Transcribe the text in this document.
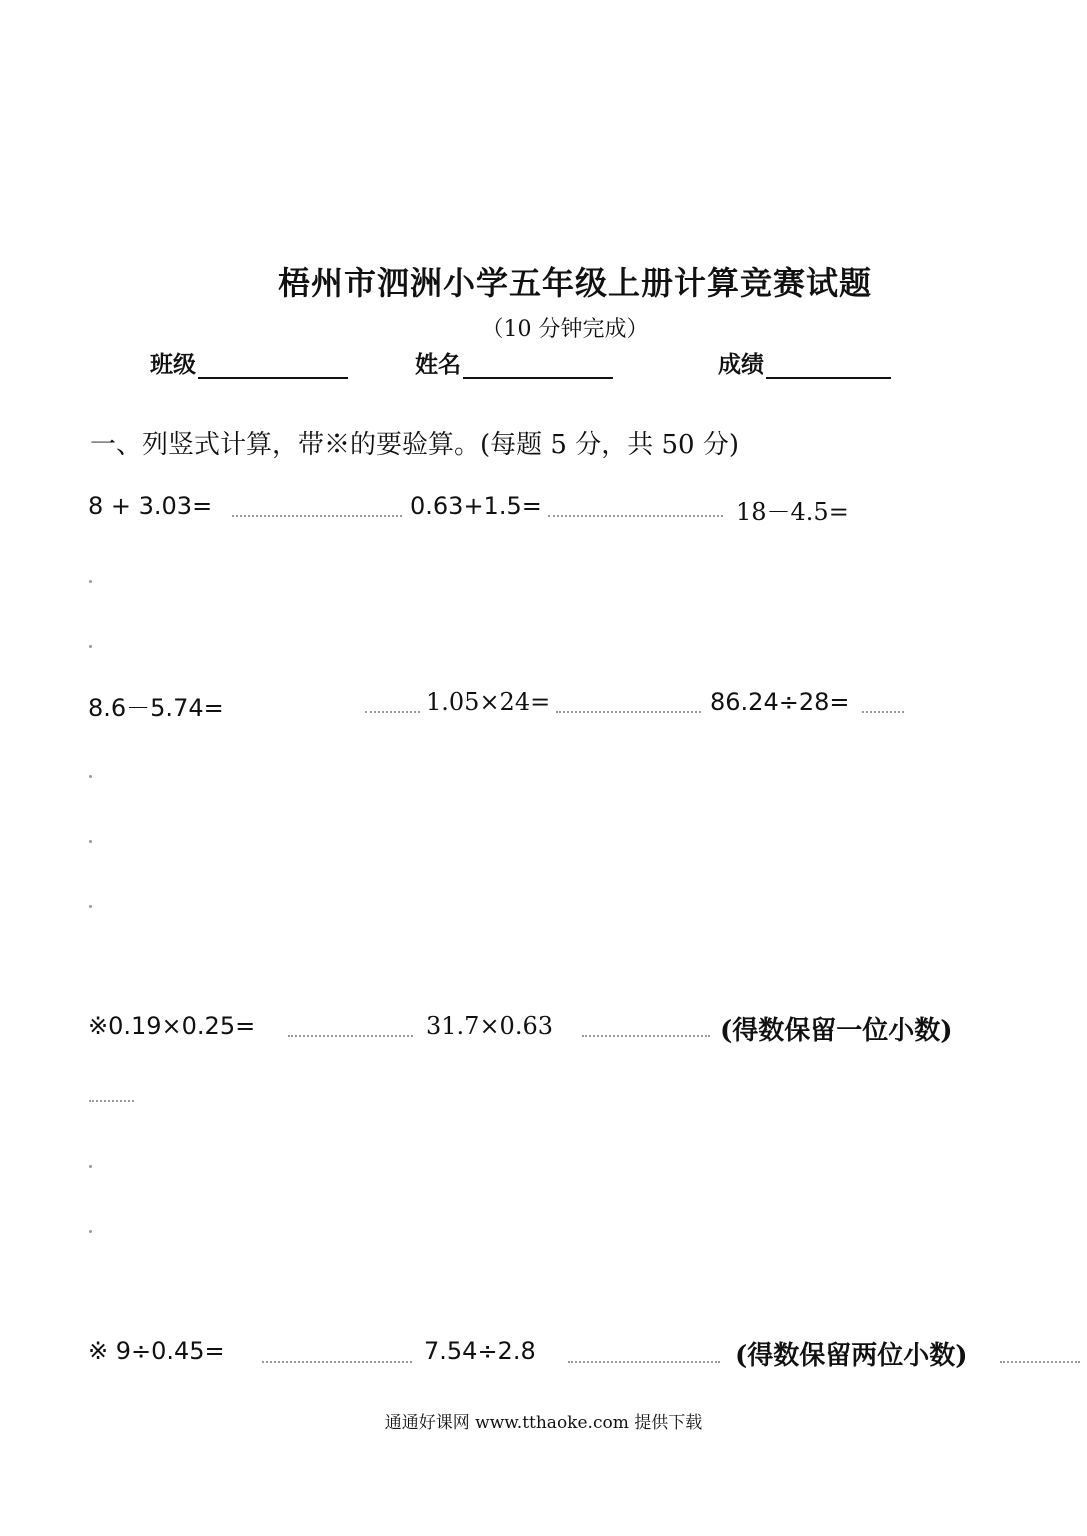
梧州市泗洲小学五年级上册计算竞赛试题
（10 分钟完成）
班级	姓名	成绩
一、列竖式计算，带※的要验算。(每题 5 分，共 50 分)
8 + 3.03=	0.63+1.5=	18－4.5=
8.6－5.74=	1.05×24=	86.24÷28=
※0.19×0.25=	31.7×0.63	(得数保留一位小数)
※ 9÷0.45=	7.54÷2.8	(得数保留两位小数)
通通好课网 www.tthaoke.com 提供下载
